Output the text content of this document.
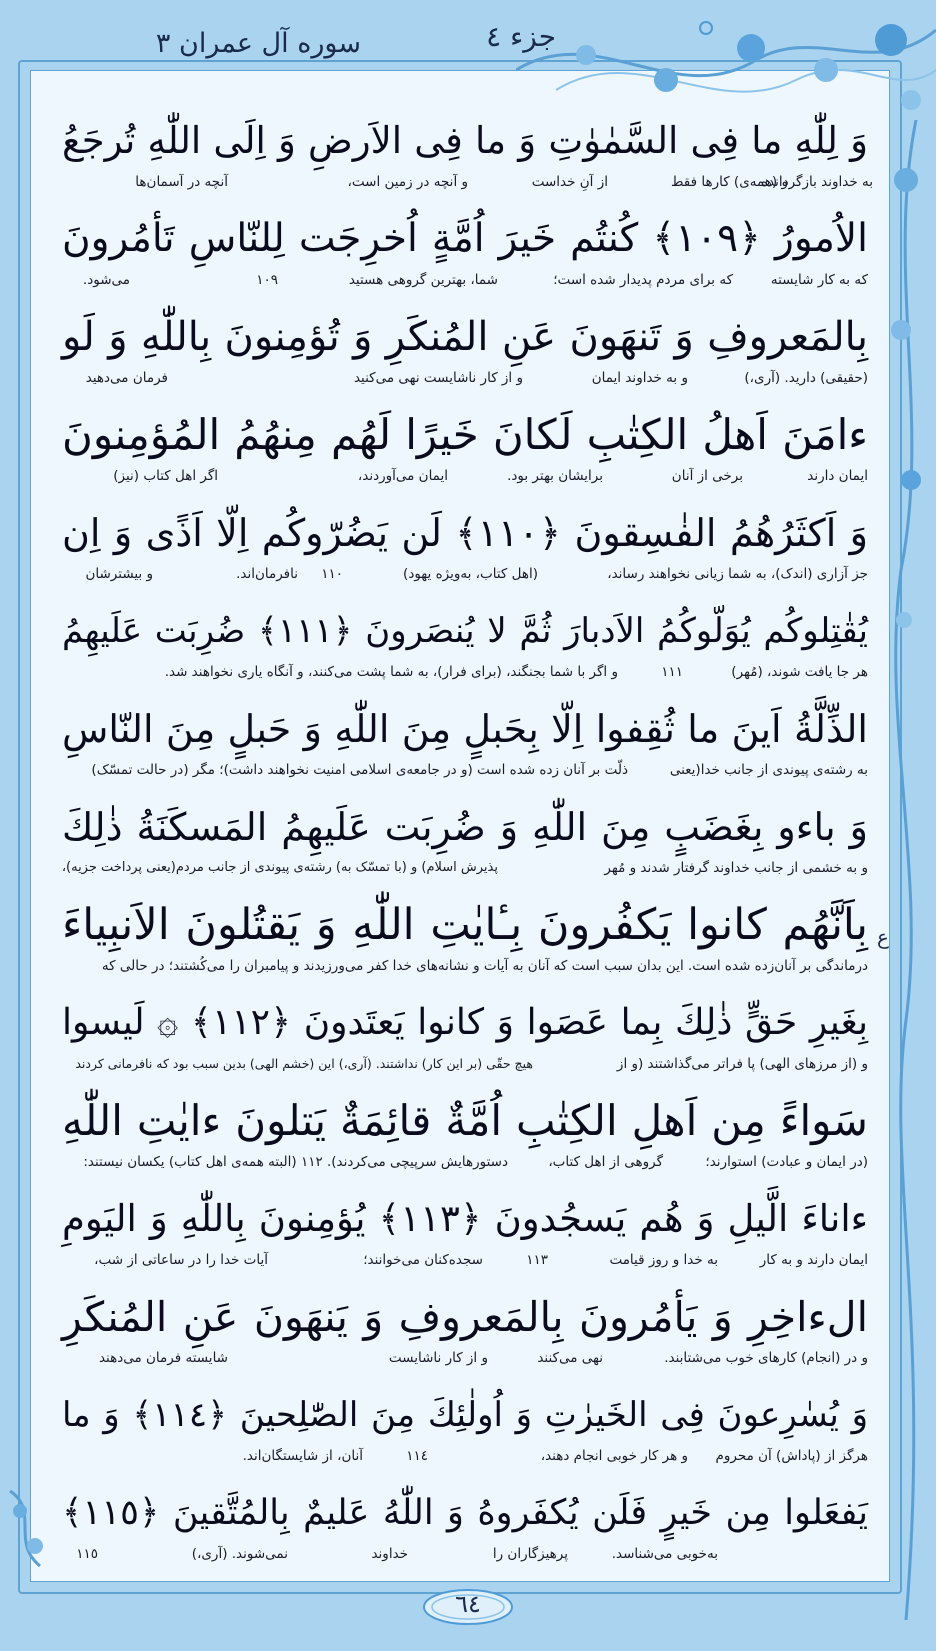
جزء ٤
سوره آل عمران ٣
ع
وَ لِلّٰهِ ما فِى السَّمٰوٰتِ وَ ما فِى الاَرضِ وَ اِلَى اللّٰهِ تُرجَعُ
و (همه‌ی) کارها فقط
از آنِ خداست
و آنچه در زمین است،
آنچه در آسمان‌ها	به خداوند بازگردانده
الاُمورُ ﴿١٠٩﴾ كُنتُم خَيرَ اُمَّةٍ اُخرِجَت لِلنّاسِ تَأمُرونَ
که به کار شایسته
که برای مردم پدیدار شده است؛
شما، بهترین گروهی هستید
١٠٩
می‌شود.
بِالمَعروفِ وَ تَنهَونَ عَنِ المُنكَرِ وَ تُؤمِنونَ بِاللّٰهِ وَ لَو
(حقیقی) دارید. (آری،)
و به خداوند ایمان
و از کار ناشایست نهی می‌کنید
فرمان می‌دهید
ءامَنَ اَهلُ الكِتٰبِ لَكانَ خَيرًا لَهُم مِنهُمُ المُؤمِنونَ
ایمان دارند
برخی از آنان
برایشان بهتر بود.
ایمان می‌آوردند،
اگر اهل کتاب (نیز)
وَ اَكثَرُهُمُ الفٰسِقونَ ﴿١١٠﴾ لَن يَضُرّوكُم اِلّا اَذًى وَ اِن
جز آزاری (اندک)، به شما زیانی نخواهند رساند،
(اهل کتاب، به‌ویژه یهود)
١١٠
نافرمان‌اند.
و بیشترشان
يُقٰتِلوكُم يُوَلّوكُمُ الاَدبارَ ثُمَّ لا يُنصَرونَ ﴿١١١﴾ ضُرِبَت عَلَيهِمُ
هر جا یافت شوند، (مُهر)
١١١
و اگر با شما بجنگند، (برای فرار)، به شما پشت می‌کنند، و آنگاه یاری نخواهند شد.
الذِّلَّةُ اَينَ ما ثُقِفوا اِلّا بِحَبلٍ مِنَ اللّٰهِ وَ حَبلٍ مِنَ النّاسِ
به رشته‌ی پیوندی از جانب خدا(یعنی
ذلّت بر آنان زده شده است (و در جامعه‌ی اسلامی امنیت نخواهند داشت)؛ مگر (در حالت تمسّک)
وَ باءو بِغَضَبٍ مِنَ اللّٰهِ وَ ضُرِبَت عَلَيهِمُ المَسكَنَةُ ذٰلِكَ
و به خشمی از جانب خداوند گرفتار شدند و مُهر
پذیرش اسلام) و (با تمسّک به) رشته‌ی پیوندی از جانب مردم(یعنی پرداخت جزیه)،
بِاَنَّهُم كانوا يَكفُرونَ بِـٔايٰتِ اللّٰهِ وَ يَقتُلونَ الاَنبِياءَ
درماندگی بر آنان‌زده شده است. این بدان سبب است که آنان به آیات و نشانه‌های خدا کفر می‌ورزیدند و پیامبران را می‌کُشتند؛ در حالی که
بِغَيرِ حَقٍّ ذٰلِكَ بِما عَصَوا وَ كانوا يَعتَدونَ ﴿١١٢﴾ ۞ لَيسوا
و (از مرزهای الهی) پا فراتر می‌گذاشتند (و از
هیچ حقّی (بر این کار) نداشتند. (آری،) این (خشم الهی) بدین سبب بود که نافرمانی کردند
سَواءً مِن اَهلِ الكِتٰبِ اُمَّةٌ قائِمَةٌ يَتلونَ ءايٰتِ اللّٰهِ
(در ایمان و عبادت) استوارند؛
گروهی از اهل کتاب،
دستورهایش سرپیچی می‌کردند). ١١٢ (البته همه‌ی اهل کتاب) یکسان نیستند:
ءاناءَ الَّيلِ وَ هُم يَسجُدونَ ﴿١١٣﴾ يُؤمِنونَ بِاللّٰهِ وَ اليَومِ
ایمان دارند و به کار
به خدا و روز قیامت
١١٣
سجده‌کنان می‌خوانند؛
آیات خدا را در ساعاتی از شب،
الءاخِرِ وَ يَأمُرونَ بِالمَعروفِ وَ يَنهَونَ عَنِ المُنكَرِ
و در (انجام) کارهای خوب می‌شتابند.
نهی می‌کنند
و از کار ناشایست
شایسته فرمان می‌دهند
وَ يُسٰرِعونَ فِى الخَيرٰتِ وَ اُولٰئِكَ مِنَ الصّٰلِحينَ ﴿١١٤﴾ وَ ما
هرگز از (پاداش) آن محروم
و هر کار خوبی انجام دهند،
١١٤
آنان، از شایستگان‌اند.
يَفعَلوا مِن خَيرٍ فَلَن يُكفَروهُ وَ اللّٰهُ عَليمٌ بِالمُتَّقينَ ﴿١١٥﴾
به‌خوبی می‌شناسد.
پرهیزگاران را
خداوند
نمی‌شوند. (آری،)
١١٥
٦٤
